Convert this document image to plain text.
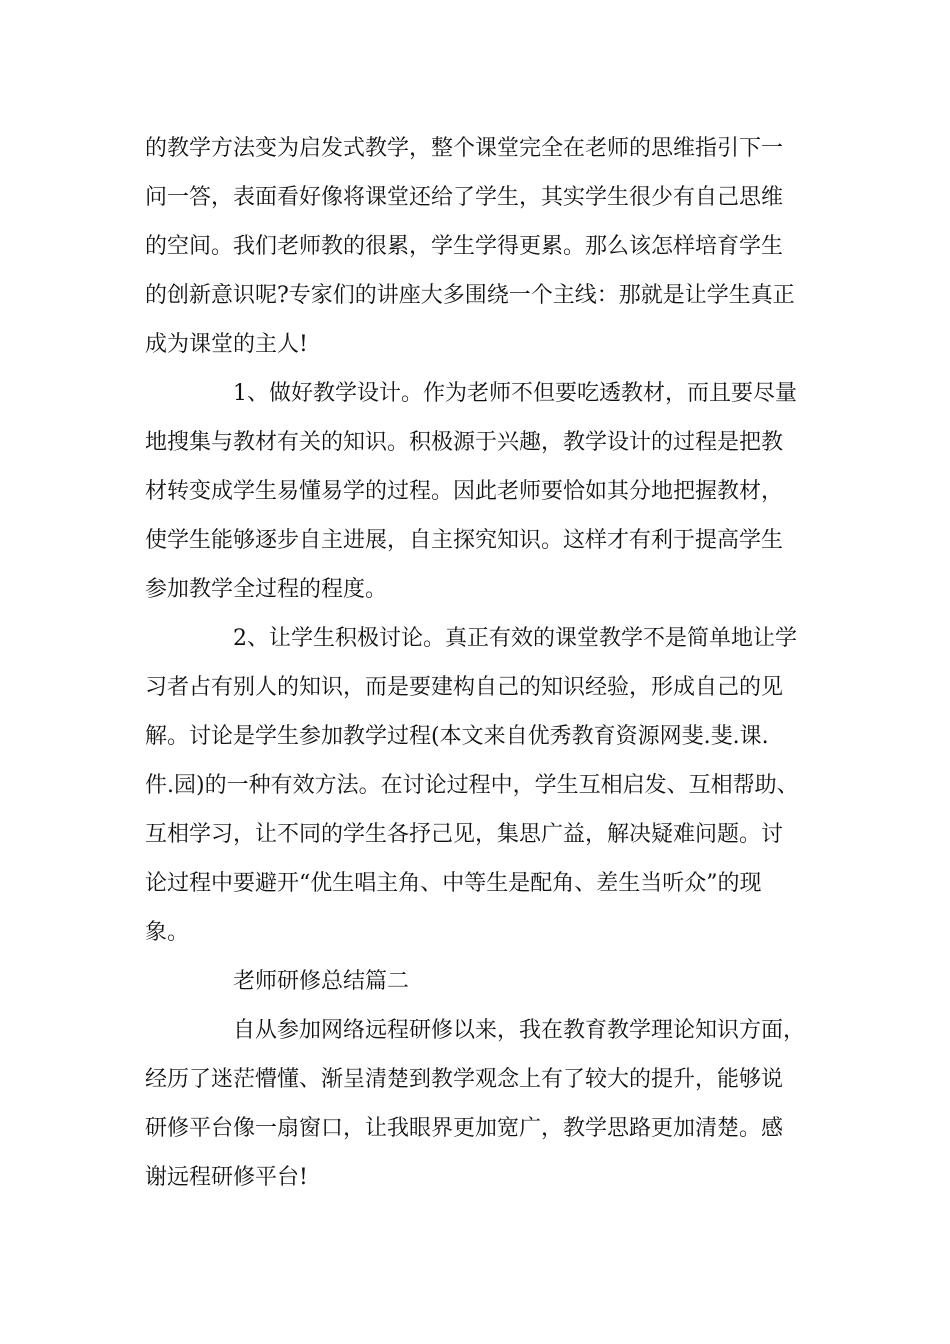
的教学方法变为启发式教学，整个课堂完全在老师的思维指引下一
问一答，表面看好像将课堂还给了学生，其实学生很少有自己思维
的空间。我们老师教的很累，学生学得更累。那么该怎样培育学生
的创新意识呢?专家们的讲座大多围绕一个主线：那就是让学生真正
成为课堂的主人!
1、做好教学设计。作为老师不但要吃透教材，而且要尽量
地搜集与教材有关的知识。积极源于兴趣，教学设计的过程是把教
材转变成学生易懂易学的过程。因此老师要恰如其分地把握教材，
使学生能够逐步自主进展，自主探究知识。这样才有利于提高学生
参加教学全过程的程度。
2、让学生积极讨论。真正有效的课堂教学不是简单地让学
习者占有别人的知识，而是要建构自己的知识经验，形成自己的见
解。讨论是学生参加教学过程(本文来自优秀教育资源网斐.斐.课.
件.园)的一种有效方法。在讨论过程中，学生互相启发、互相帮助、
互相学习，让不同的学生各抒己见，集思广益，解决疑难问题。讨
论过程中要避开“优生唱主角、中等生是配角、差生当听众”的现
象。
老师研修总结篇二
自从参加网络远程研修以来，我在教育教学理论知识方面，
经历了迷茫懵懂、渐呈清楚到教学观念上有了较大的提升，能够说
研修平台像一扇窗口，让我眼界更加宽广，教学思路更加清楚。感
谢远程研修平台!
